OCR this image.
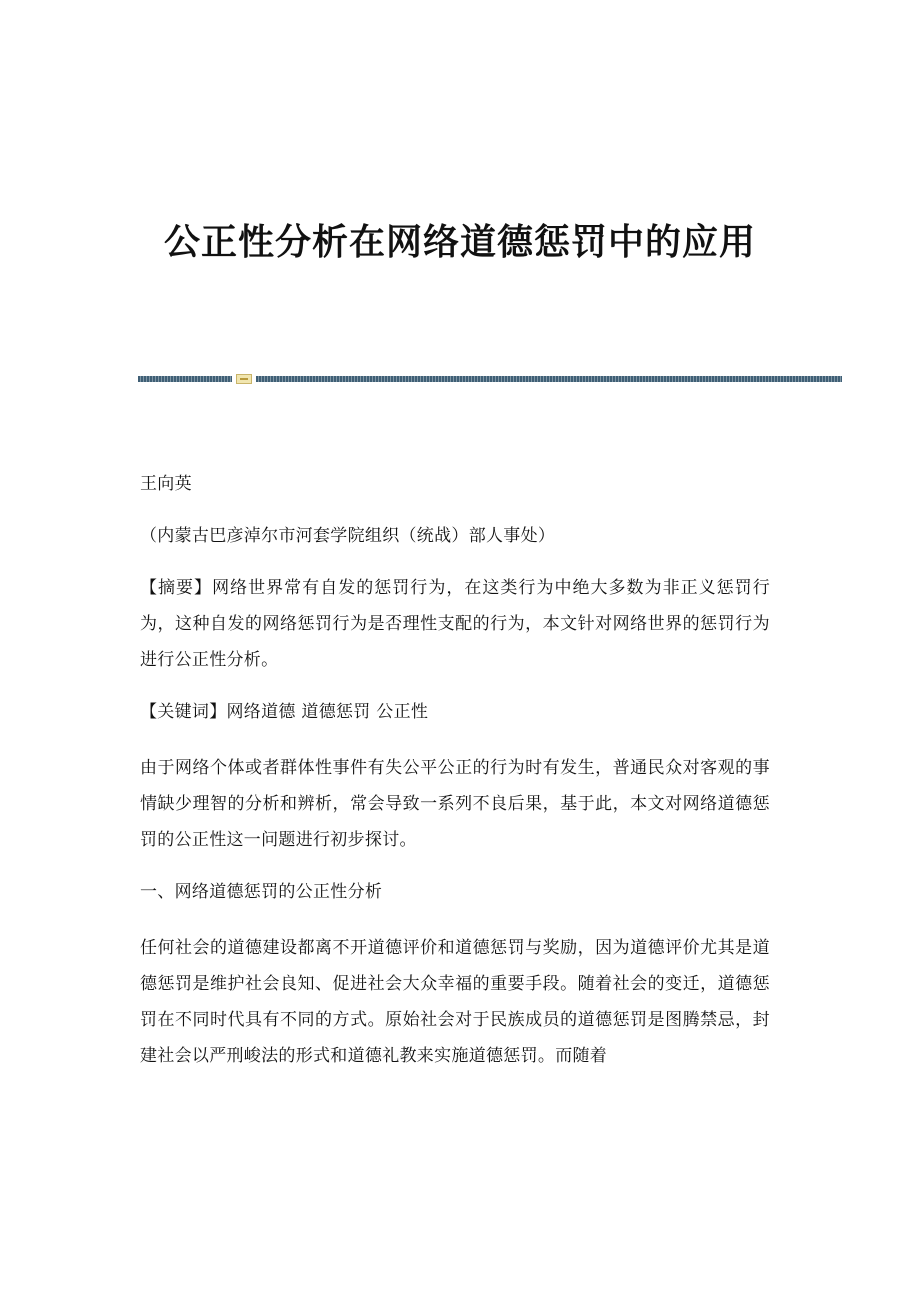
公正性分析在网络道德惩罚中的应用

王向英

（内蒙古巴彦淖尔市河套学院组织（统战）部人事处）

【摘要】网络世界常有自发的惩罚行为，在这类行为中绝大多数为非正义惩罚行为，这种自发的网络惩罚行为是否理性支配的行为，本文针对网络世界的惩罚行为进行公正性分析。

【关键词】网络道德 道德惩罚 公正性

由于网络个体或者群体性事件有失公平公正的行为时有发生，普通民众对客观的事情缺少理智的分析和辨析，常会导致一系列不良后果，基于此，本文对网络道德惩罚的公正性这一问题进行初步探讨。

一、网络道德惩罚的公正性分析

任何社会的道德建设都离不开道德评价和道德惩罚与奖励，因为道德评价尤其是道德惩罚是维护社会良知、促进社会大众幸福的重要手段。随着社会的变迁，道德惩罚在不同时代具有不同的方式。原始社会对于民族成员的道德惩罚是图腾禁忌，封建社会以严刑峻法的形式和道德礼教来实施道德惩罚。而随着
